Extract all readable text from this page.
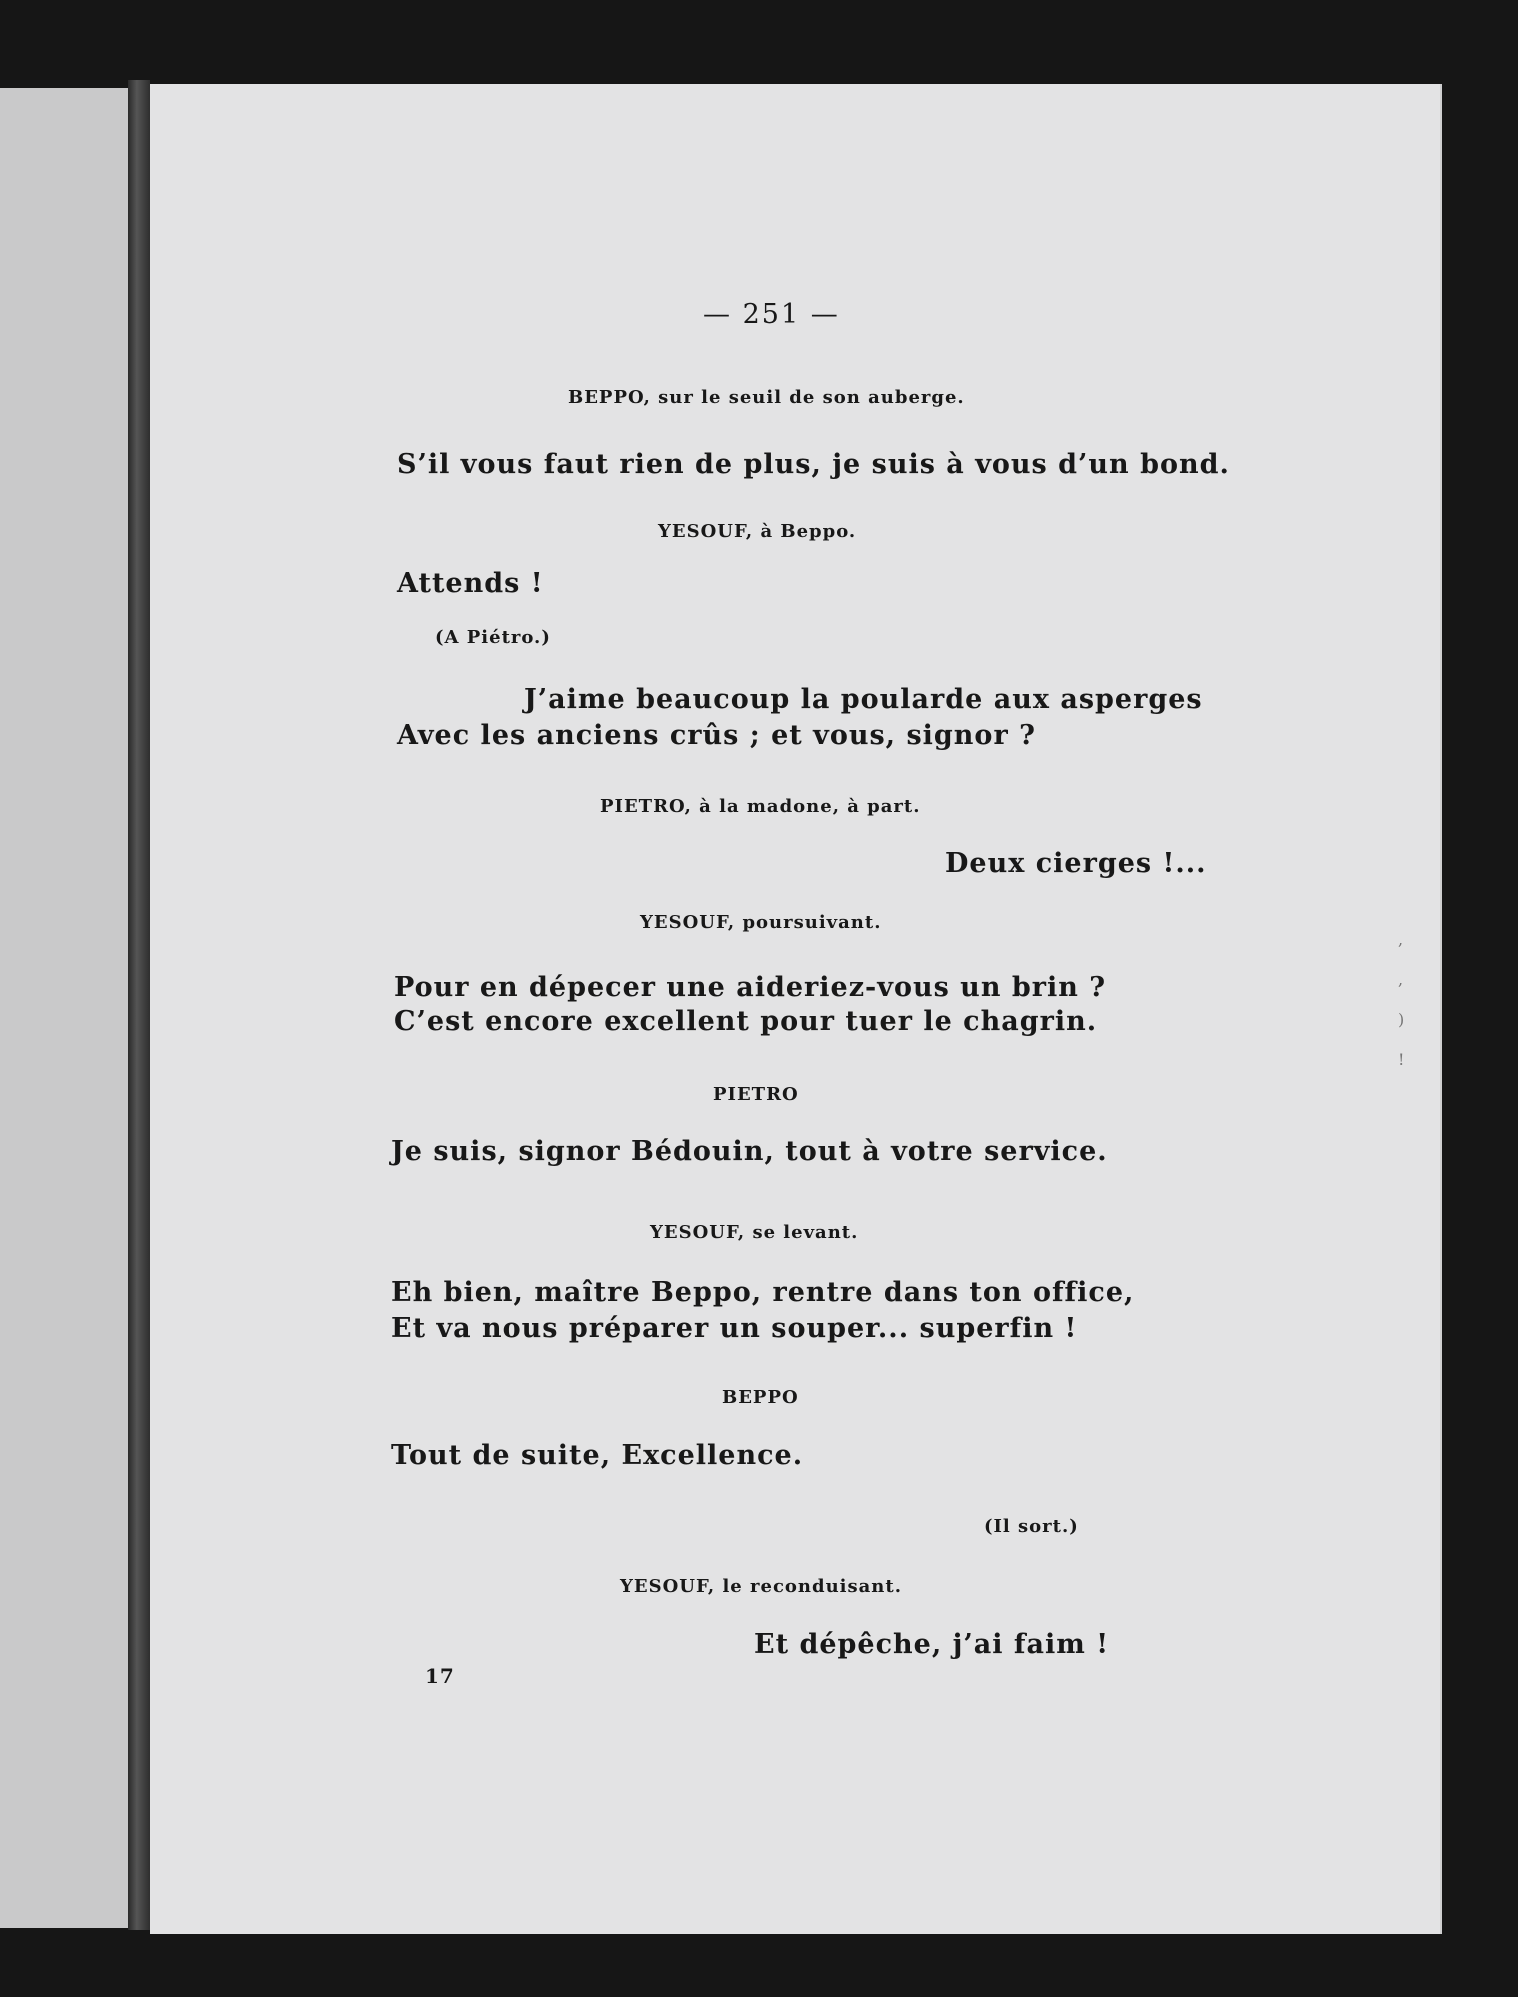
— 251 —
BEPPO, sur le seuil de son auberge.
S’il vous faut rien de plus, je suis à vous d’un bond.
YESOUF, à Beppo.
Attends !
(A Piétro.)
J’aime beaucoup la poularde aux asperges
Avec les anciens crûs ; et vous, signor ?
PIETRO, à la madone, à part.
Deux cierges !...
YESOUF, poursuivant.
Pour en dépecer une aideriez-vous un brin ?
C’est encore excellent pour tuer le chagrin.
PIETRO
Je suis, signor Bédouin, tout à votre service.
YESOUF, se levant.
Eh bien, maître Beppo, rentre dans ton office,
Et va nous préparer un souper... superfin !
BEPPO
Tout de suite, Excellence.
(Il sort.)
YESOUF, le reconduisant.
Et dépêche, j’ai faim !
17
,
,
)
!
